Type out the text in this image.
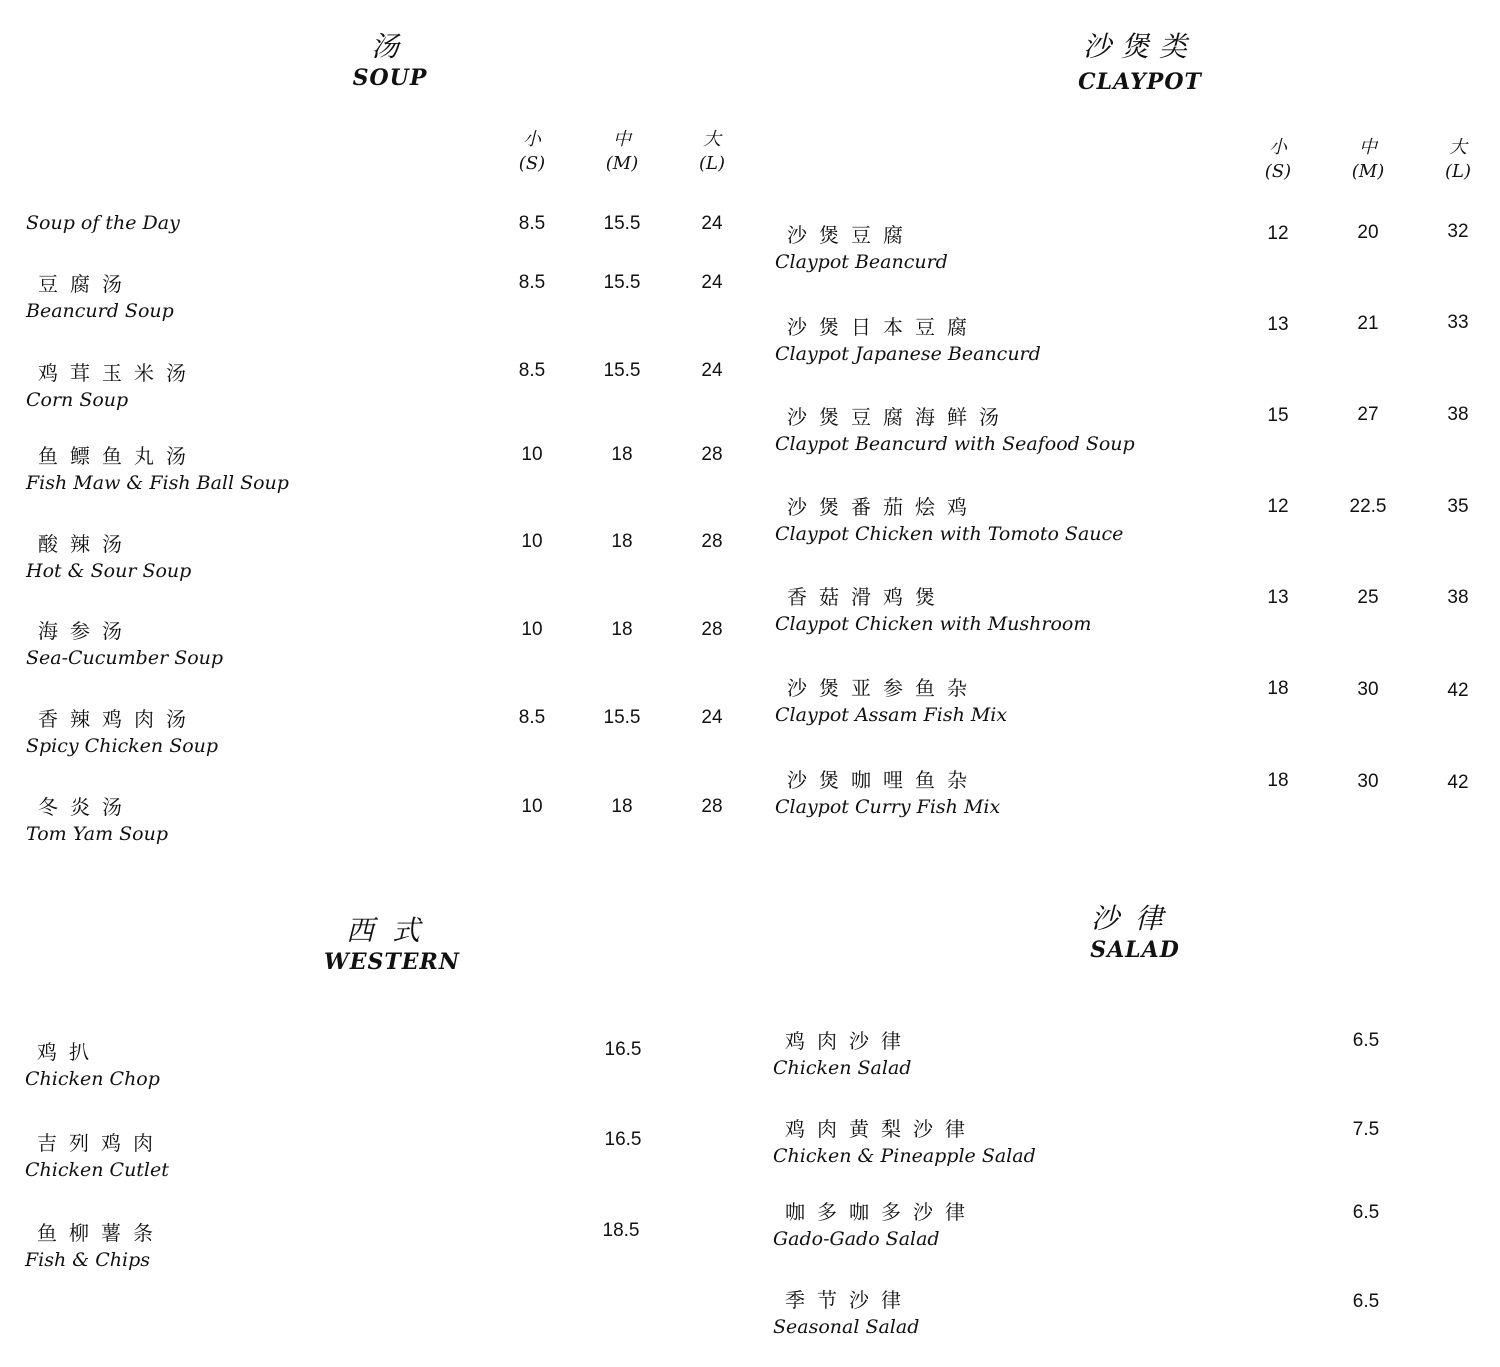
汤
SOUP
小
(S)
中
(M)
大
(L)
Soup of the Day	8.5	15.5	24
豆腐汤
Beancurd Soup
8.5	15.5	24
鸡茸玉米汤
Corn Soup
8.5	15.5	24
鱼鳔鱼丸汤
Fish Maw & Fish Ball Soup
10	18	28
酸辣汤
Hot & Sour Soup
10	18	28
海参汤
Sea-Cucumber Soup
10	18	28
香辣鸡肉汤
Spicy Chicken Soup
8.5	15.5	24
冬炎汤
Tom Yam Soup
10	18	28
沙煲类
CLAYPOT
小
(S)
中
(M)
大
(L)
沙煲豆腐
Claypot Beancurd
12	20	32
沙煲日本豆腐
Claypot Japanese Beancurd
13	21	33
沙煲豆腐海鲜汤
Claypot Beancurd with Seafood Soup
15	27	38
沙煲番茄烩鸡
Claypot Chicken with Tomoto Sauce
12	22.5	35
香菇滑鸡煲
Claypot Chicken with Mushroom
13	25	38
沙煲亚参鱼杂
Claypot Assam Fish Mix
18	30	42
沙煲咖哩鱼杂
Claypot Curry Fish Mix
18	30	42
西式
WESTERN
鸡扒
Chicken Chop
16.5
吉列鸡肉
Chicken Cutlet
16.5
鱼柳薯条
Fish & Chips
18.5
沙律
SALAD
鸡肉沙律
Chicken Salad
6.5
鸡肉黄梨沙律
Chicken & Pineapple Salad
7.5
咖多咖多沙律
Gado-Gado Salad
6.5
季节沙律
Seasonal Salad
6.5
